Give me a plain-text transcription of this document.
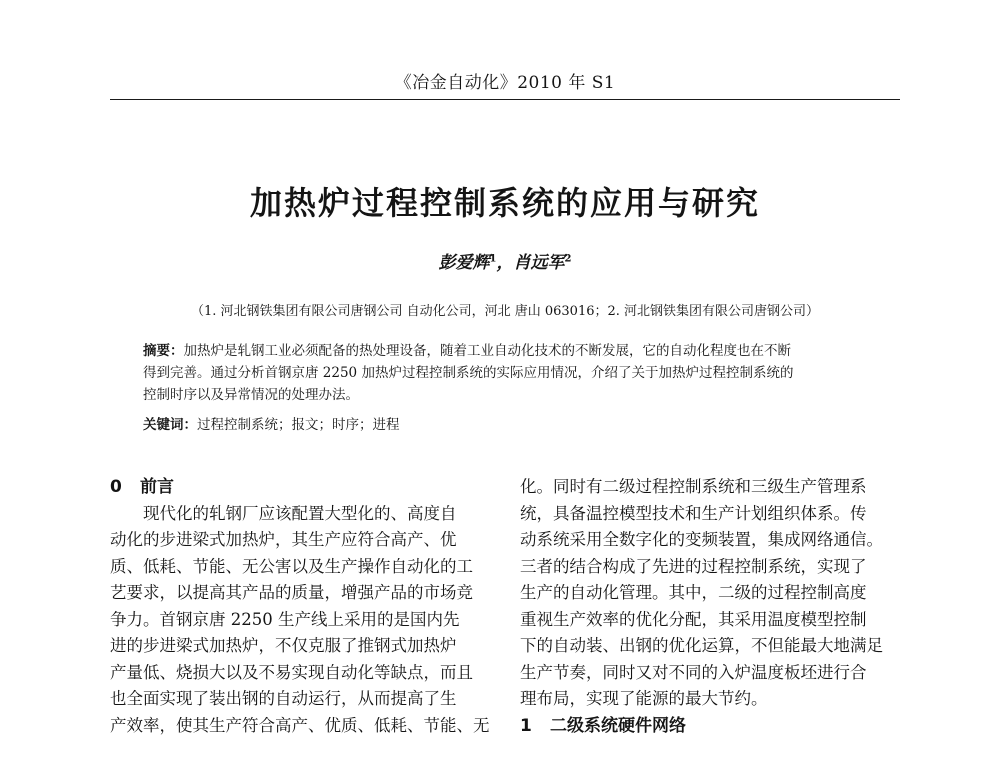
《冶金自动化》2010 年 S1
加热炉过程控制系统的应用与研究
彭爱辉$^1$，肖远军$^2$
（1. 河北钢铁集团有限公司唐钢公司 自动化公司，河北 唐山 063016；2. 河北钢铁集团有限公司唐钢公司）
摘要：加热炉是轧钢工业必须配备的热处理设备，随着工业自动化技术的不断发展，它的自动化程度也在不断
得到完善。通过分析首钢京唐 2250 加热炉过程控制系统的实际应用情况，介绍了关于加热炉过程控制系统的
控制时序以及异常情况的处理办法。
关键词：过程控制系统；报文；时序；进程
0 前言

现代化的轧钢厂应该配置大型化的、高度自

动化的步进梁式加热炉，其生产应符合高产、优
质、低耗、节能、无公害以及生产操作自动化的工
艺要求，以提高其产品的质量，增强产品的市场竞
争力。首钢京唐 2250 生产线上采用的是国内先
进的步进梁式加热炉，不仅克服了推钢式加热炉
产量低、烧损大以及不易实现自动化等缺点，而且
也全面实现了装出钢的自动运行，从而提高了生
产效率，使其生产符合高产、优质、低耗、节能、无

化。同时有二级过程控制系统和三级生产管理系
统，具备温控模型技术和生产计划组织体系。传
动系统采用全数字化的变频装置，集成网络通信。
三者的结合构成了先进的过程控制系统，实现了
生产的自动化管理。其中，二级的过程控制高度
重视生产效率的优化分配，其采用温度模型控制
下的自动装、出钢的优化运算，不但能最大地满足
生产节奏，同时又对不同的入炉温度板坯进行合
理布局，实现了能源的最大节约。

1 二级系统硬件网络
